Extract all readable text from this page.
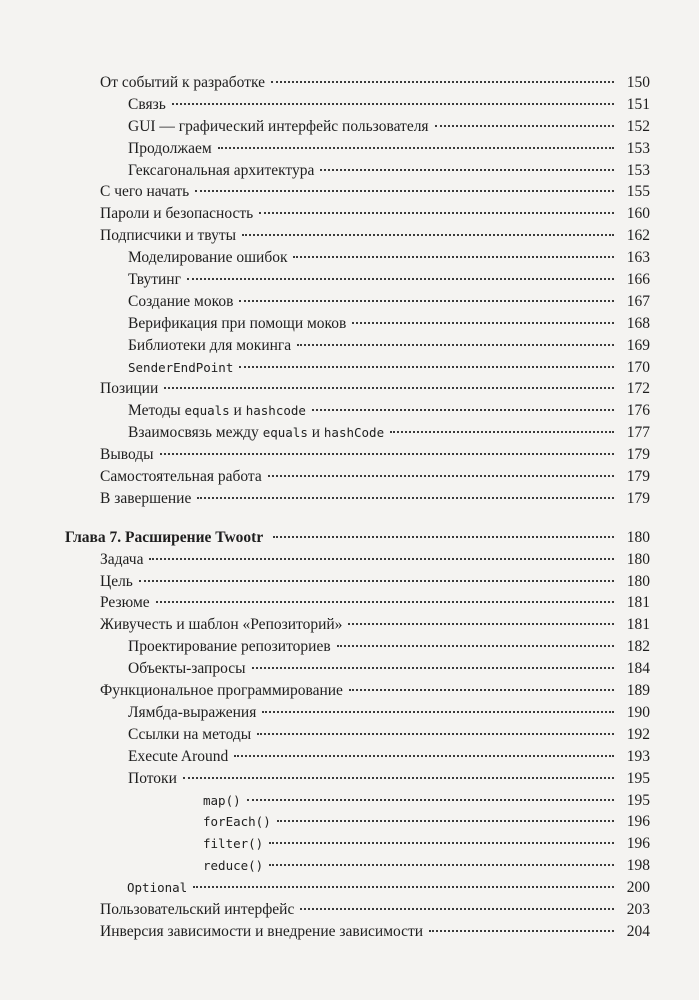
От событий к разработке	150
Связь	151
GUI — графический интерфейс пользователя	152
Продолжаем	153
Гексагональная архитектура	153
С чего начать	155
Пароли и безопасность	160
Подписчики и твуты	162
Моделирование ошибок	163
Твутинг	166
Создание моков	167
Верификация при помощи моков	168
Библиотеки для мокинга	169
SenderEndPoint	170
Позиции	172
Методы equals и hashcode	176
Взаимосвязь между equals и hashCode	177
Выводы	179
Самостоятельная работа	179
В завершение	179
Глава 7. Расширение Twootr	180
Задача	180
Цель	180
Резюме	181
Живучесть и шаблон «Репозиторий»	181
Проектирование репозиториев	182
Объекты-запросы	184
Функциональное программирование	189
Лямбда-выражения	190
Ссылки на методы	192
Execute Around	193
Потоки	195
map()	195
forEach()	196
filter()	196
reduce()	198
Optional	200
Пользовательский интерфейс	203
Инверсия зависимости и внедрение зависимости	204
